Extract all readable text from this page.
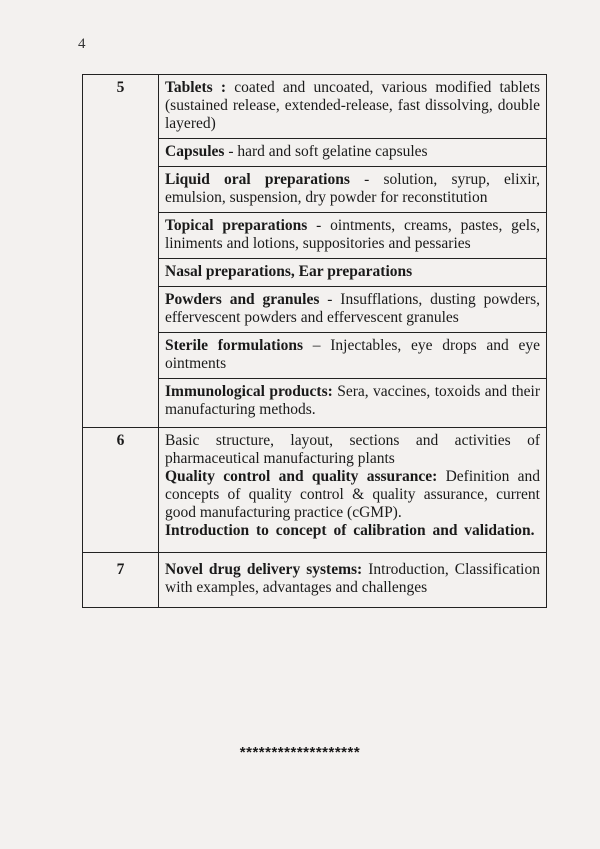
4
5	Tablets : coated and uncoated, various modified tablets (sustained release, extended-release, fast dissolving, double layered)
	Capsules - hard and soft gelatine capsules
	Liquid oral preparations - solution, syrup, elixir, emulsion, suspension, dry powder for reconstitution
	Topical preparations - ointments, creams, pastes, gels, liniments and lotions, suppositories and pessaries
	Nasal preparations, Ear preparations
	Powders and granules - Insufflations, dusting powders, effervescent powders and effervescent granules
	Sterile formulations – Injectables, eye drops and eye ointments
	Immunological products: Sera, vaccines, toxoids and their manufacturing methods.
6	Basic structure, layout, sections and activities of pharmaceutical manufacturing plants
Quality control and quality assurance: Definition and concepts of quality control & quality assurance, current good manufacturing practice (cGMP).
Introduction to concept of calibration and validation.

7	Novel drug delivery systems: Introduction, Classification with examples, advantages and challenges
*******************
